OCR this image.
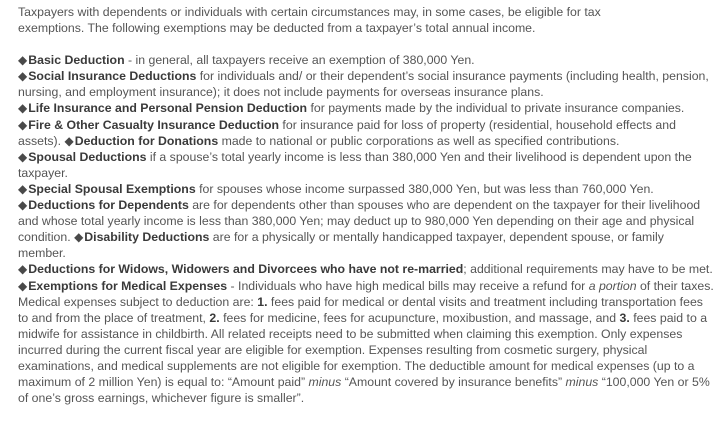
Taxpayers with dependents or individuals with certain circumstances may, in some cases, be eligible for tax
exemptions. The following exemptions may be deducted from a taxpayer’s total annual income.

◆Basic Deduction - in general, all taxpayers receive an exemption of 380,000 Yen.

◆Social Insurance Deductions for individuals and/ or their dependent’s social insurance payments (including health, pension, nursing, and employment insurance); it does not include payments for overseas insurance plans.

◆Life Insurance and Personal Pension Deduction for payments made by the individual to private insurance companies.

◆Fire & Other Casualty Insurance Deduction for insurance paid for loss of property (residential, household effects and assets). ◆Deduction for Donations made to national or public corporations as well as specified contributions.

◆Spousal Deductions if a spouse’s total yearly income is less than 380,000 Yen and their livelihood is dependent upon the taxpayer.

◆Special Spousal Exemptions for spouses whose income surpassed 380,000 Yen, but was less than 760,000 Yen.

◆Deductions for Dependents are for dependents other than spouses who are dependent on the taxpayer for their livelihood and whose total yearly income is less than 380,000 Yen; may deduct up to 980,000 Yen depending on their age and physical condition. ◆Disability Deductions are for a physically or mentally handicapped taxpayer, dependent spouse, or family member.

◆Deductions for Widows, Widowers and Divorcees who have not re-married; additional requirements may have to be met. ◆Exemptions for Medical Expenses - Individuals who have high medical bills may receive a refund for a portion of their taxes. Medical expenses subject to deduction are: 1. fees paid for medical or dental visits and treatment including transportation fees to and from the place of treatment, 2. fees for medicine, fees for acupuncture, moxibustion, and massage, and 3. fees paid to a midwife for assistance in childbirth. All related receipts need to be submitted when claiming this exemption. Only expenses incurred during the current fiscal year are eligible for exemption. Expenses resulting from cosmetic surgery, physical examinations, and medical supplements are not eligible for exemption. The deductible amount for medical expenses (up to a maximum of 2 million Yen) is equal to: “Amount paid” minus “Amount covered by insurance benefits” minus “100,000 Yen or 5% of one’s gross earnings, whichever figure is smaller”.
